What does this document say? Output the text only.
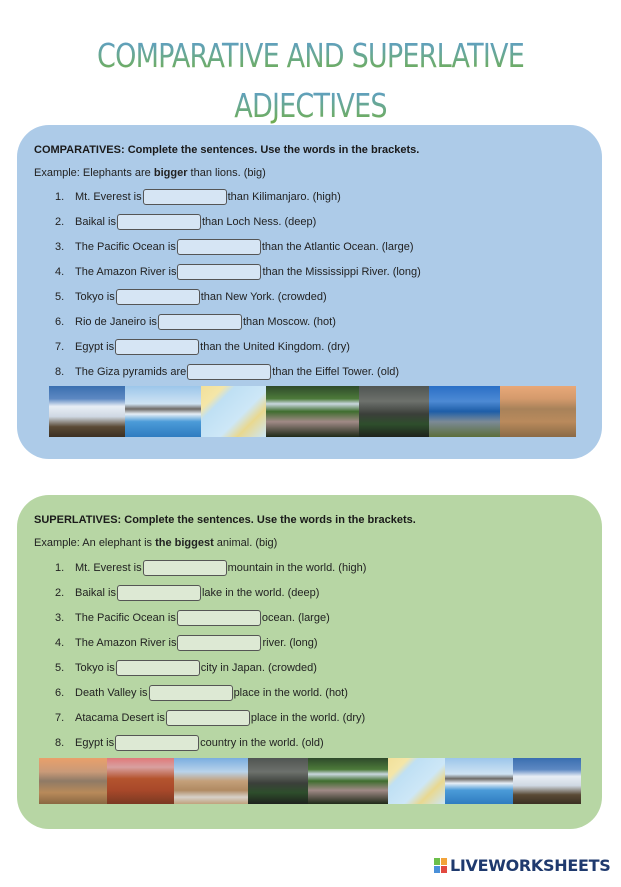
COMPARATIVE AND SUPERLATIVE
ADJECTIVES
COMPARATIVES: Complete the sentences. Use the words in the brackets.
Example: Elephants are bigger than lions. (big)
1. Mt. Everest is	than Kilimanjaro. (high)
2. Baikal is	than Loch Ness. (deep)
3. The Pacific Ocean is	than the Atlantic Ocean. (large)
4. The Amazon River is	than the Mississippi River. (long)
5. Tokyo is	than New York. (crowded)
6. Rio de Janeiro is	than Moscow. (hot)
7. Egypt is	than the United Kingdom. (dry)
8. The Giza pyramids are	than the Eiffel Tower. (old)
SUPERLATIVES: Complete the sentences. Use the words in the brackets.
Example: An elephant is the biggest animal. (big)
1. Mt. Everest is	mountain in the world. (high)
2. Baikal is	lake in the world. (deep)
3. The Pacific Ocean is	ocean. (large)
4. The Amazon River is	river. (long)
5. Tokyo is	city in Japan. (crowded)
6. Death Valley is	place in the world. (hot)
7. Atacama Desert is	place in the world. (dry)
8. Egypt is	country in the world. (old)
LIVEWORKSHEETS
